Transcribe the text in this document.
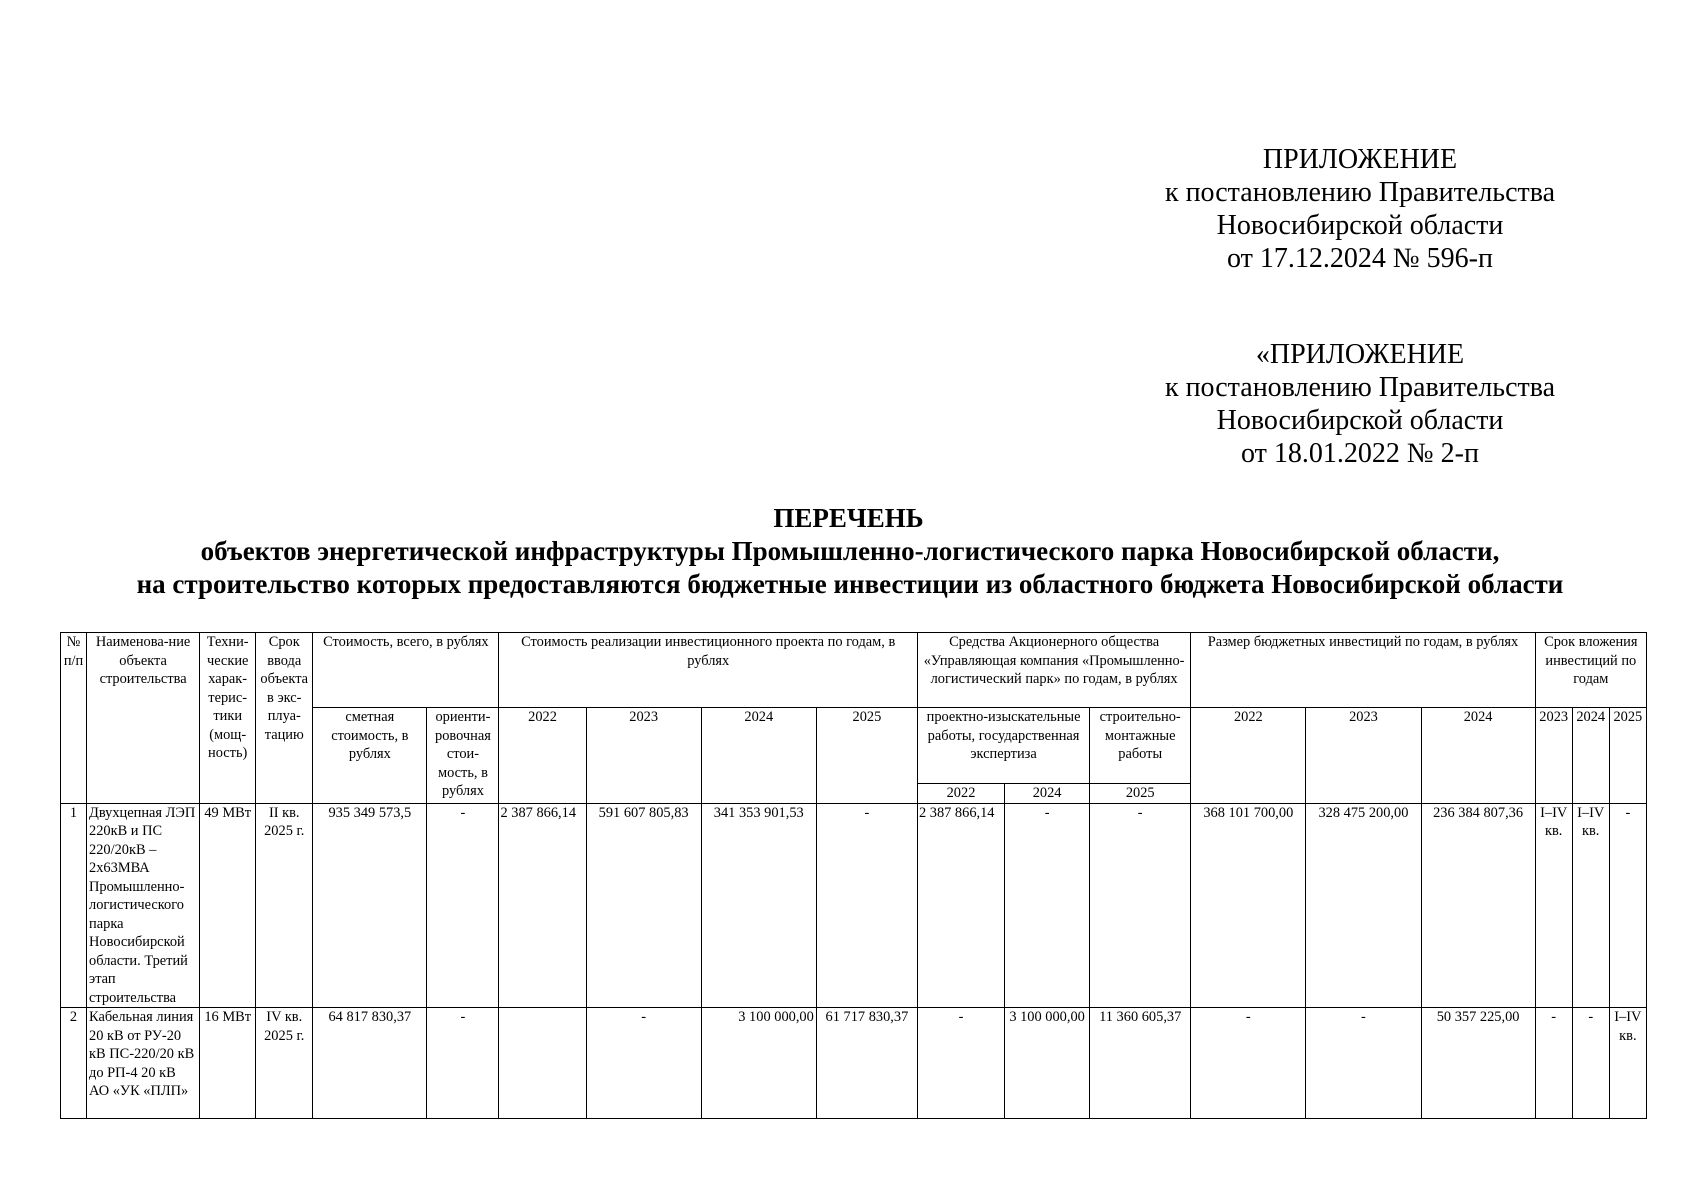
ПРИЛОЖЕНИЕ
к постановлению Правительства
Новосибирской области
от 17.12.2024 № 596-п
«ПРИЛОЖЕНИЕ
к постановлению Правительства
Новосибирской области
от 18.01.2022 № 2-п
ПЕРЕЧЕНЬ
объектов энергетической инфраструктуры Промышленно-логистического парка Новосибирской области,
на строительство которых предоставляются бюджетные инвестиции из областного бюджета Новосибирской области
№ п/п	Наименова-ние объекта строительства	Техни-ческие харак-терис-тики (мощ-ность)	Срок ввода объекта в экс-плуа-тацию	Стоимость, всего, в рублях		Стоимость реализации инвестиционного проекта по годам, в рублях				Средства Акционерного общества «Управляющая компания «Промышленно-логистический парк» по годам, в рублях			Размер бюджетных инвестиций по годам, в рублях			Срок вложения инвестиций по годам		
				сметная стоимость, в рублях	ориенти-ровочная стои-мость, в рублях	2022	2023	2024	2025	проектно-изыскательные работы, государственная экспертиза		строительно-монтажные работы	2022	2023	2024	2023	2024	2025
										2022	2024	2025						
1	Двухцепная ЛЭП 220кВ и ПС 220/20кВ – 2х63МВА Промышленно-логистического парка Новосибирской области. Третий этап строительства	49 МВт	II кв. 2025 г.	935 349 573,5	-	2 387 866,14	591 607 805,83	341 353 901,53	-	2 387 866,14	-	-	368 101 700,00	328 475 200,00	236 384 807,36	I–IV кв.	I–IV кв.	-
2	Кабельная линия 20 кВ от РУ-20 кВ ПС-220/20 кВ до РП-4 20 кВ АО «УК «ПЛП»	16 МВт	IV кв. 2025 г.	64 817 830,37	-		-	3 100 000,00	61 717 830,37	-	3 100 000,00	11 360 605,37	-	-	50 357 225,00	-	-	I–IV кв.
